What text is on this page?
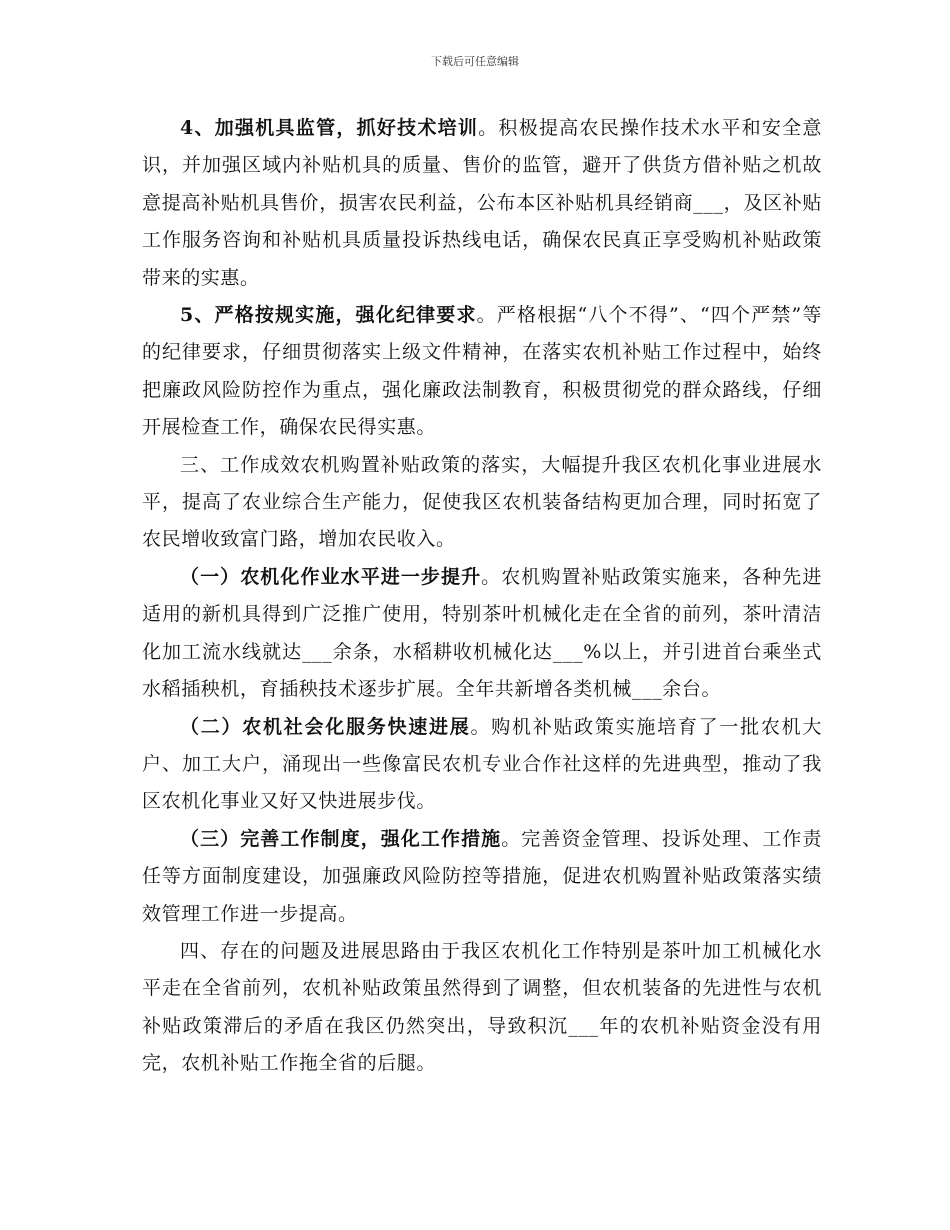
下载后可任意编辑

4、加强机具监管，抓好技术培训。积极提高农民操作技术水平和安全意识，并加强区域内补贴机具的质量、售价的监管，避开了供货方借补贴之机故意提高补贴机具售价，损害农民利益，公布本区补贴机具经销商___，及区补贴工作服务咨询和补贴机具质量投诉热线电话，确保农民真正享受购机补贴政策带来的实惠。

5、严格按规实施，强化纪律要求。严格根据“八个不得”、“四个严禁”等的纪律要求，仔细贯彻落实上级文件精神，在落实农机补贴工作过程中，始终把廉政风险防控作为重点，强化廉政法制教育，积极贯彻党的群众路线，仔细开展检查工作，确保农民得实惠。

三、工作成效农机购置补贴政策的落实，大幅提升我区农机化事业进展水平，提高了农业综合生产能力，促使我区农机装备结构更加合理，同时拓宽了农民增收致富门路，增加农民收入。

（一）农机化作业水平进一步提升。农机购置补贴政策实施来，各种先进适用的新机具得到广泛推广使用，特别茶叶机械化走在全省的前列，茶叶清洁化加工流水线就达___余条，水稻耕收机械化达___%以上，并引进首台乘坐式水稻插秧机，育插秧技术逐步扩展。全年共新增各类机械___余台。

（二）农机社会化服务快速进展。购机补贴政策实施培育了一批农机大户、加工大户，涌现出一些像富民农机专业合作社这样的先进典型，推动了我区农机化事业又好又快进展步伐。

（三）完善工作制度，强化工作措施。完善资金管理、投诉处理、工作责任等方面制度建设，加强廉政风险防控等措施，促进农机购置补贴政策落实绩效管理工作进一步提高。

四、存在的问题及进展思路由于我区农机化工作特别是茶叶加工机械化水平走在全省前列，农机补贴政策虽然得到了调整，但农机装备的先进性与农机补贴政策滞后的矛盾在我区仍然突出，导致积沉___年的农机补贴资金没有用完，农机补贴工作拖全省的后腿。
